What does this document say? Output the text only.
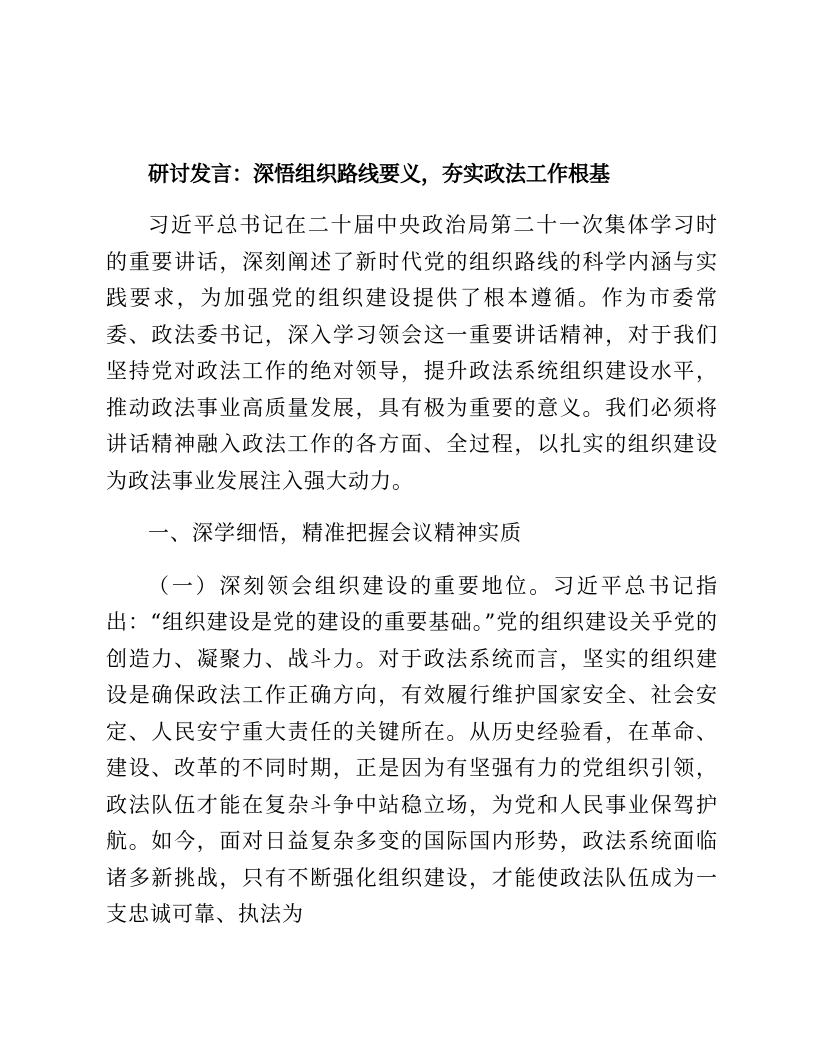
研讨发言：深悟组织路线要义，夯实政法工作根基

习近平总书记在二十届中央政治局第二十一次集体学习时的重要讲话，深刻阐述了新时代党的组织路线的科学内涵与实践要求，为加强党的组织建设提供了根本遵循。作为市委常委、政法委书记，深入学习领会这一重要讲话精神，对于我们坚持党对政法工作的绝对领导，提升政法系统组织建设水平，推动政法事业高质量发展，具有极为重要的意义。我们必须将讲话精神融入政法工作的各方面、全过程，以扎实的组织建设为政法事业发展注入强大动力。

一、深学细悟，精准把握会议精神实质

（一）深刻领会组织建设的重要地位。习近平总书记指出：“组织建设是党的建设的重要基础。”党的组织建设关乎党的创造力、凝聚力、战斗力。对于政法系统而言，坚实的组织建设是确保政法工作正确方向，有效履行维护国家安全、社会安定、人民安宁重大责任的关键所在。从历史经验看，在革命、建设、改革的不同时期，正是因为有坚强有力的党组织引领，政法队伍才能在复杂斗争中站稳立场，为党和人民事业保驾护航。如今，面对日益复杂多变的国际国内形势，政法系统面临诸多新挑战，只有不断强化组织建设，才能使政法队伍成为一支忠诚可靠、执法为
